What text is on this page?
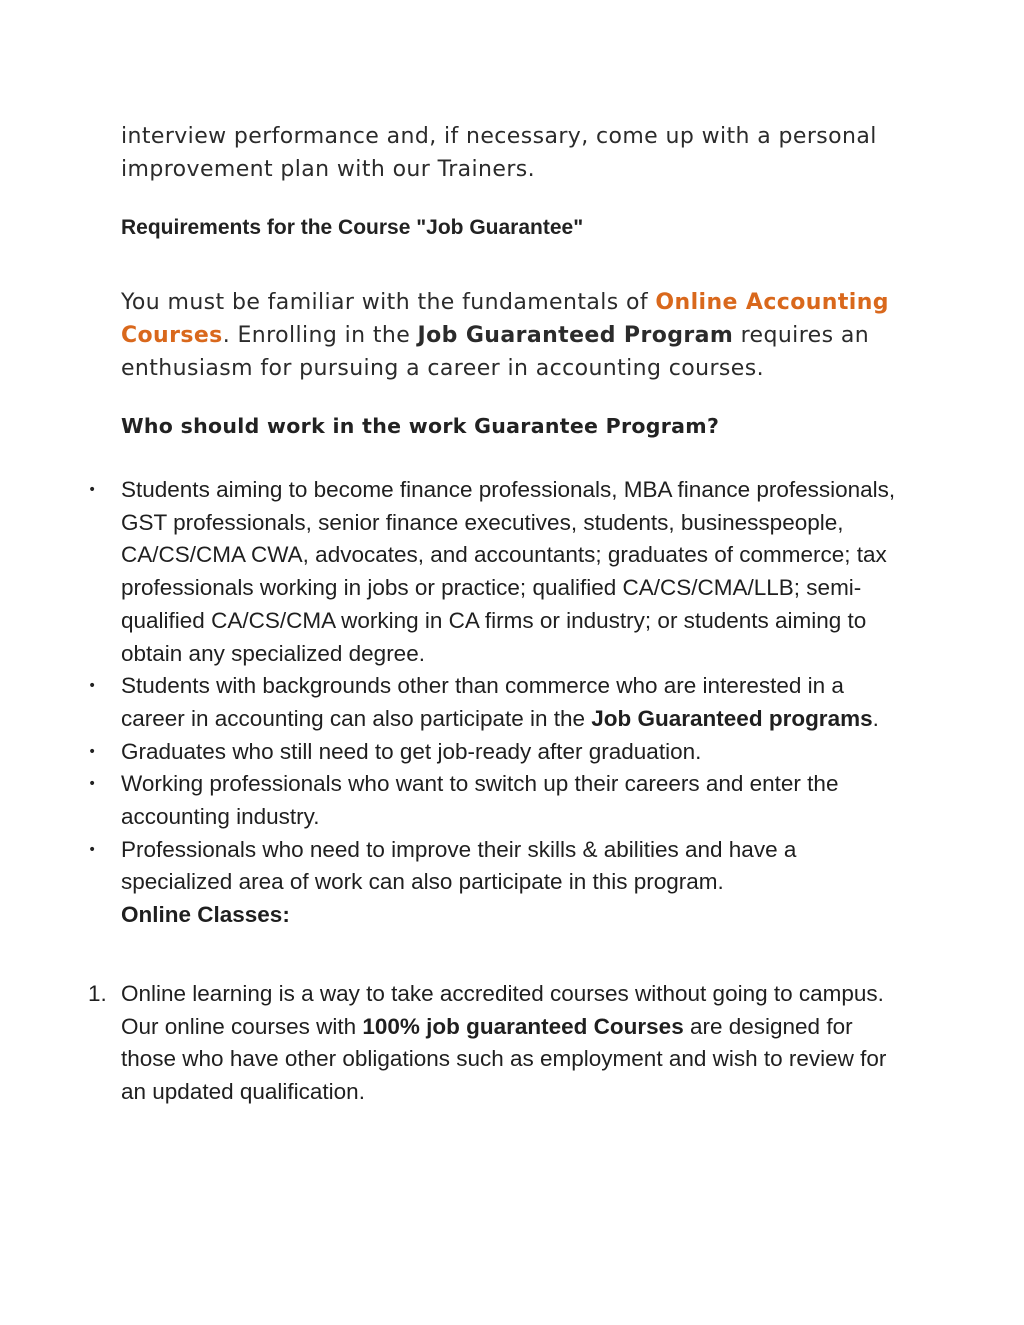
interview performance and, if necessary, come up with a personal improvement plan with our Trainers.

Requirements for the Course "Job Guarantee"

You must be familiar with the fundamentals of Online Accounting Courses. Enrolling in the Job Guaranteed Program requires an enthusiasm for pursuing a career in accounting courses.

Who should work in the work Guarantee Program?

• Students aiming to become finance professionals, MBA finance professionals, GST professionals, senior finance executives, students, businesspeople, CA/CS/CMA CWA, advocates, and accountants; graduates of commerce; tax professionals working in jobs or practice; qualified CA/CS/CMA/LLB; semi-qualified CA/CS/CMA working in CA firms or industry; or students aiming to obtain any specialized degree.
• Students with backgrounds other than commerce who are interested in a career in accounting can also participate in the Job Guaranteed programs.
• Graduates who still need to get job-ready after graduation.
• Working professionals who want to switch up their careers and enter the accounting industry.
• Professionals who need to improve their skills & abilities and have a specialized area of work can also participate in this program.
Online Classes:
1. Online learning is a way to take accredited courses without going to campus. Our online courses with 100% job guaranteed Courses are designed for those who have other obligations such as employment and wish to review for an updated qualification.
